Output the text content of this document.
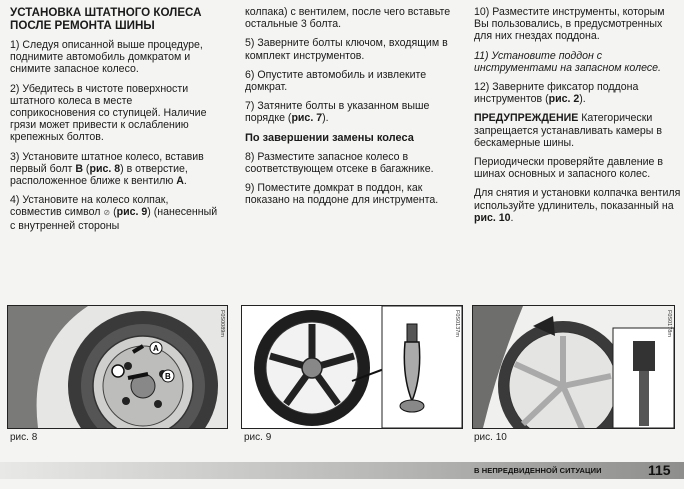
УСТАНОВКА ШТАТНОГО КОЛЕСА ПОСЛЕ РЕМОНТА ШИНЫ

1) Следуя описанной выше процедуре, поднимите автомобиль домкратом и снимите запасное колесо.

2) Убедитесь в чистоте поверхности штатного колеса в месте соприкосновения со ступицей. Наличие грязи может привести к ослаблению крепежных болтов.

3) Установите штатное колесо, вставив первый болт B (рис. 8) в отверстие, расположенное ближе к вентилю A.

4) Установите на колесо колпак, совместив символ ⊘ (рис. 9) (нанесенный с внутренней стороны

колпака) с вентилем, после чего вставьте остальные 3 болта.

5) Заверните болты ключом, входящим в комплект инструментов.

6) Опустите автомобиль и извлеките домкрат.

7) Затяните болты в указанном выше порядке (рис. 7).

По завершении замены колеса

8) Разместите запасное колесо в соответствующем отсеке в багажнике.

9) Поместите домкрат в поддон, как показано на поддоне для инструмента.

10) Разместите инструменты, которым Вы пользовались, в предусмотренных для них гнездах поддона.

11) Установите поддон с инструментами на запасном колесе.

12) Заверните фиксатор поддона инструментов (рис. 2).

ПРЕДУПРЕЖДЕНИЕ Категорически запрещается устанавливать камеры в бескамерные шины.

Периодически проверяйте давление в шинах основных и запасного колес.

Для снятия и установки колпачка вентиля используйте удлинитель, показанный на рис. 10.

A
B
F0S0089m	F0S0137m	F0S0178m
рис. 8	рис. 9	рис. 10
В НЕПРЕДВИДЕННОЙ СИТУАЦИИ	115
